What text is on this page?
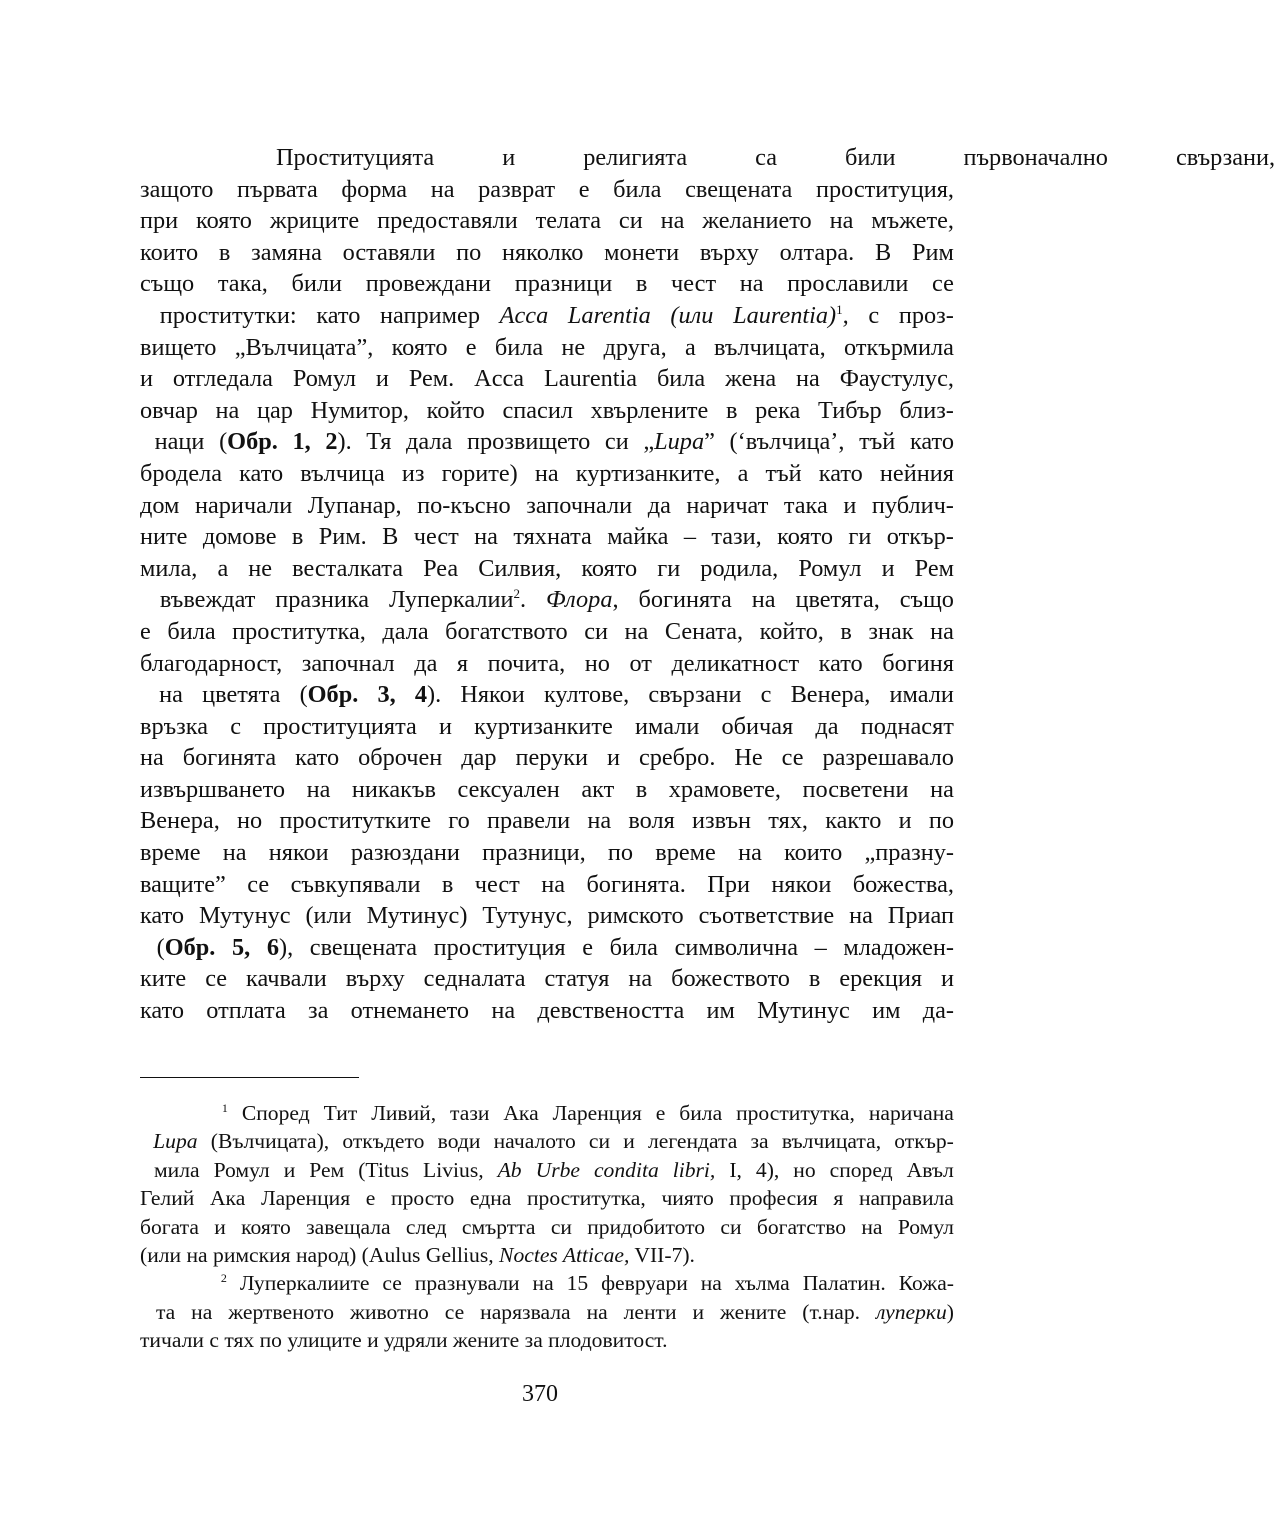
Проституцията	и	религията	са	били	първоначално	свързани,
защото първата форма на разврат е била свещената проституция,
при която жриците предоставяли телата си на желанието на мъжете,
които в замяна оставяли по няколко монети върху олтара. В Рим
също така, били провеждани празници в чест на прославили се
проститутки: като например Acca Larentia (или Laurentia)$^1$, с проз-
вището „Вълчицата”, която е била не друга, а вълчицата, откърмила
и отгледала Ромул и Рем. Acca Laurentia била жена на Фаустулус,
овчар на цар Нумитор, който спасил хвърлените в река Тибър близ-
наци (Обр. 1, 2). Тя дала прозвището си „Lupa” (‘вълчица’, тъй като
бродела като вълчица из горите) на куртизанките, а тъй като нейния
дом наричали Лупанар, по-късно започнали да наричат така и публич-
ните домове в Рим. В чест на тяхната майка – тази, която ги откър-
мила, а не весталката Реа Силвия, която ги родила, Ромул и Рем
въвеждат празника Луперкалии$^2$. Флора, богинята на цветята, също
е била проститутка, дала богатството си на Сената, който, в знак на
благодарност, започнал да я почита, но от деликатност като богиня
на цветята (Обр. 3, 4). Някои култове, свързани с Венера, имали
връзка с проституцията и куртизанките имали обичая да поднасят
на богинята като оброчен дар перуки и сребро. Не се разрешавало
извършването на никакъв сексуален акт в храмовете, посветени на
Венера, но проститутките го правели на воля извън тях, както и по
време на някои разюздани празници, по време на които „празну-
ващите” се съвкупявали в чест на богинята. При някои божества,
като Мутунус (или Мутинус) Тутунус, римското съответствие на Приап
(Обр. 5, 6), свещената проституция е била символична – младожен-
ките се качвали върху седналата статуя на божеството в ерекция и
като отплата за отнемането на девствеността им Мутинус им да-
$^1$ Според Тит Ливий, тази Ака Ларенция е била проститутка, наричана
Lupa (Вълчицата), откъдето води началото си и легендата за вълчицата, откър-
мила Ромул и Рем (Titus Livius, Ab Urbe condita libri, I, 4), но според Авъл
Гелий Ака Ларенция е просто една проститутка, чиято професия я направила
богата и която завещала след смъртта си придобитото си богатство на Ромул
(или на римския народ) (Aulus Gellius, Noctes Atticae, VII-7).
$^2$ Луперкалиите се празнували на 15 февруари на хълма Палатин. Кожа-
та на жертвеното животно се нарязвала на ленти и жените (т.нар. луперки)
тичали с тях по улиците и удряли жените за плодовитост.
370
